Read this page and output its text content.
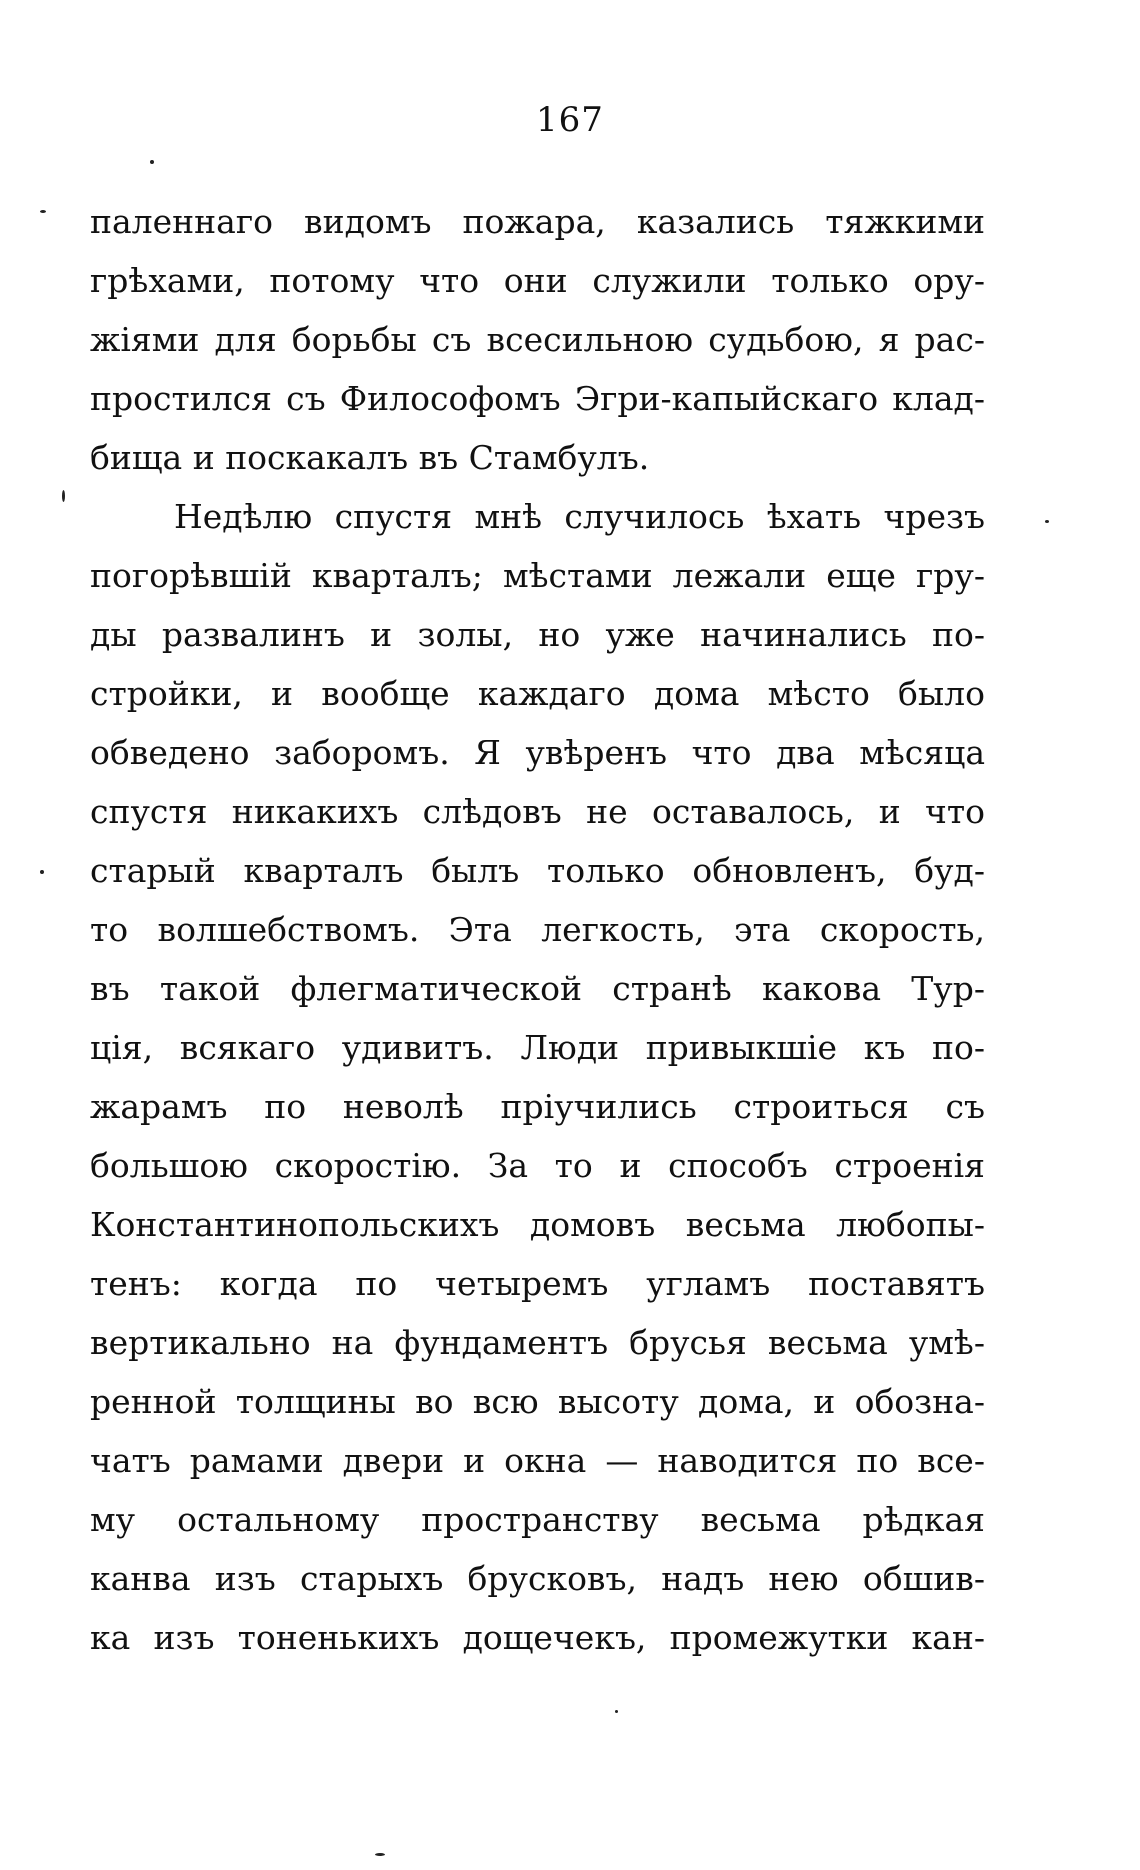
167
паленнаго видомъ пожара, казались тяжкими
грѣхами, потому что они служили только ору-
жіями для борьбы съ всесильною судьбою, я рас-
простился съ Философомъ Эгри-капыйскаго клад-
бища и поскакалъ въ Стамбулъ.
Недѣлю спустя мнѣ случилось ѣхать чрезъ
погорѣвшій кварталъ; мѣстами лежали еще гру-
ды развалинъ и золы, но уже начинались по-
стройки, и вообще каждаго дома мѣсто было
обведено заборомъ. Я увѣренъ что два мѣсяца
спустя никакихъ слѣдовъ не оставалось, и что
старый кварталъ былъ только обновленъ, буд-
то волшебствомъ. Эта легкость, эта скорость,
въ такой флегматической странѣ какова Тур-
ція, всякаго удивитъ. Люди привыкшіе къ по-
жарамъ по неволѣ пріучились строиться съ
большою скоростію. За то и способъ строенія
Константинопольскихъ домовъ весьма любопы-
тенъ: когда по четыремъ угламъ поставятъ
вертикально на фундаментъ брусья весьма умѣ-
ренной толщины во всю высоту дома, и обозна-
чатъ рамами двери и окна — наводится по все-
му остальному пространству весьма рѣдкая
канва изъ старыхъ брусковъ, надъ нею обшив-
ка изъ тоненькихъ дощечекъ, промежутки кан-
